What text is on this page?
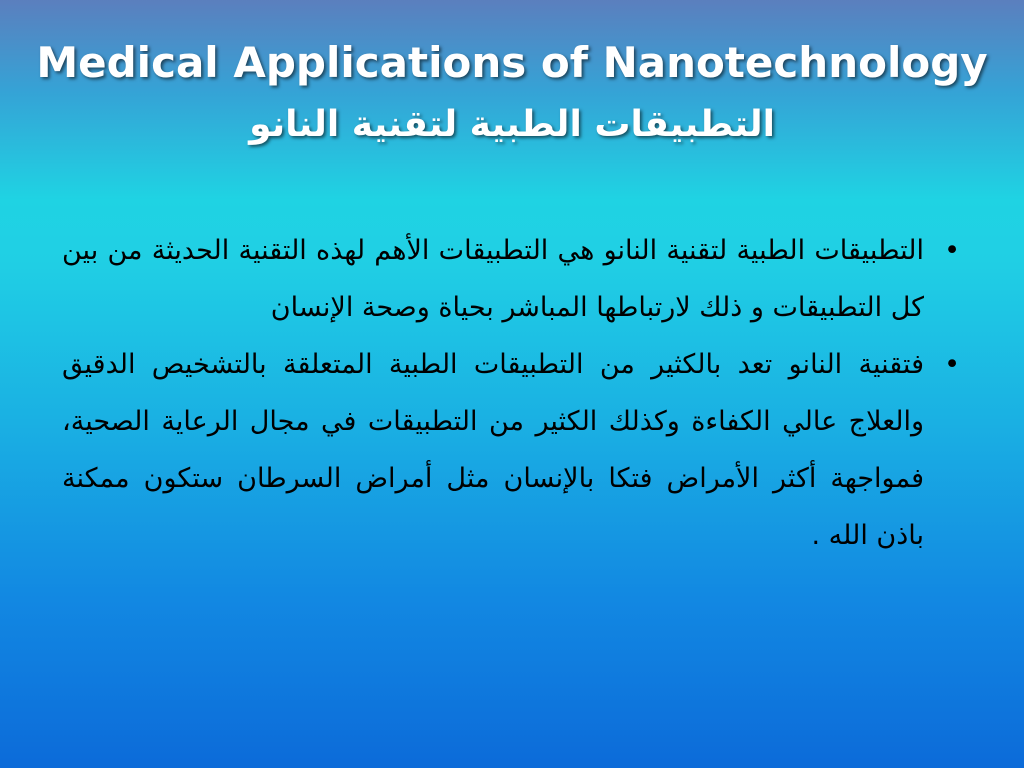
Medical Applications of Nanotechnology
التطبيقات الطبية لتقنية النانو

•
التطبيقات الطبية لتقنية النانو هي التطبيقات الأهم لهذه التقنية الحديثة من بين كل التطبيقات و ذلك لارتباطها المباشر بحياة وصحة الإنسان

•
فتقنية النانو تعد بالكثير من التطبيقات الطبية المتعلقة بالتشخيص الدقيق والعلاج عالي الكفاءة وكذلك الكثير من التطبيقات في مجال الرعاية الصحية، فمواجهة أكثر الأمراض فتكا بالإنسان مثل أمراض السرطان ستكون ممكنة باذن الله .
